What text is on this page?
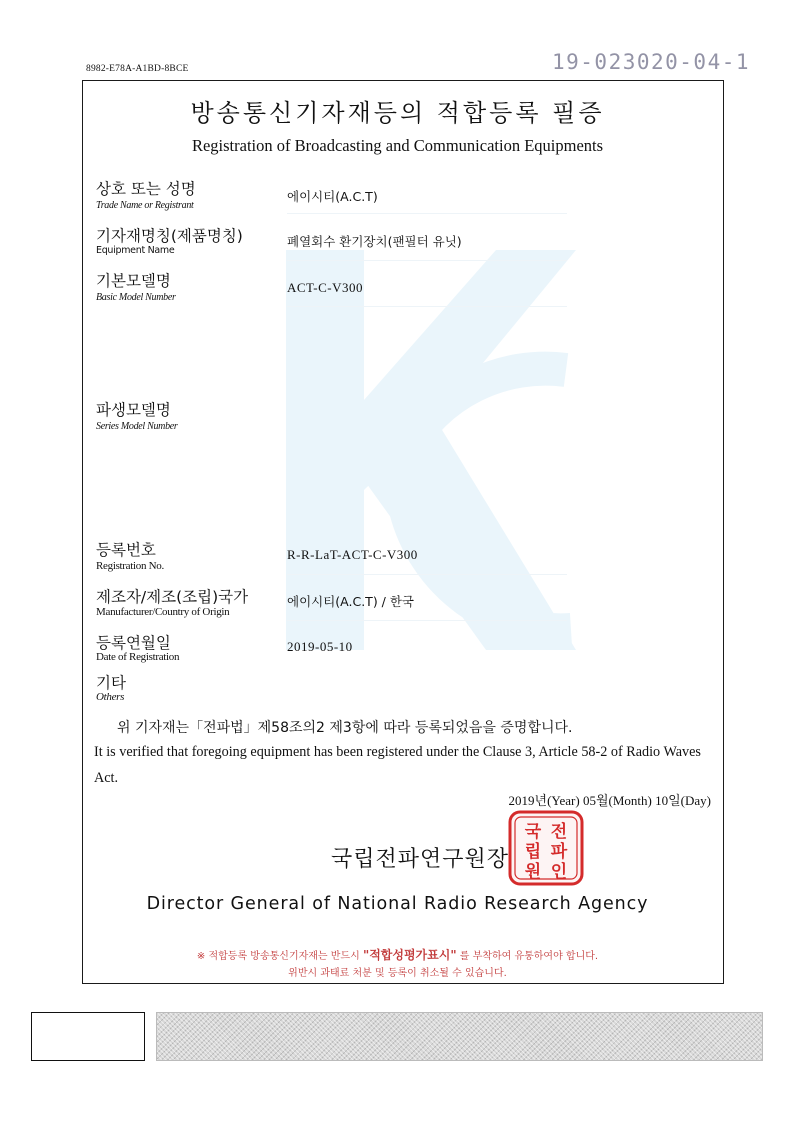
8982-E78A-A1BD-8BCE	19-023020-04-1
방송통신기자재등의 적합등록 필증
Registration of Broadcasting and Communication Equipments
상호 또는 성명
Trade Name or Registrant
에이시티(A.C.T)
기자재명칭(제품명칭)
Equipment Name
폐열회수 환기장치(팬필터 유닛)
기본모델명
Basic Model Number
ACT-C-V300
파생모델명
Series Model Number
등록번호
Registration No.
R-R-LaT-ACT-C-V300
제조자/제조(조립)국가
Manufacturer/Country of Origin
에이시티(A.C.T) / 한국
등록연월일
Date of Registration
2019-05-10
기타
Others
위 기자재는「전파법」제58조의2 제3항에 따라 등록되었음을 증명합니다.
It is verified that foregoing equipment has been registered under the Clause 3, Article 58-2 of Radio Waves Act.
2019년(Year) 05월(Month) 10일(Day)
국립전파연구원장
국 전
립 파
원 인
Director General of National Radio Research Agency
※ 적합등록 방송통신기자재는 반드시 "적합성평가표시" 를 부착하여 유통하여야 합니다.
위반시 과태료 처분 및 등록이 취소될 수 있습니다.
